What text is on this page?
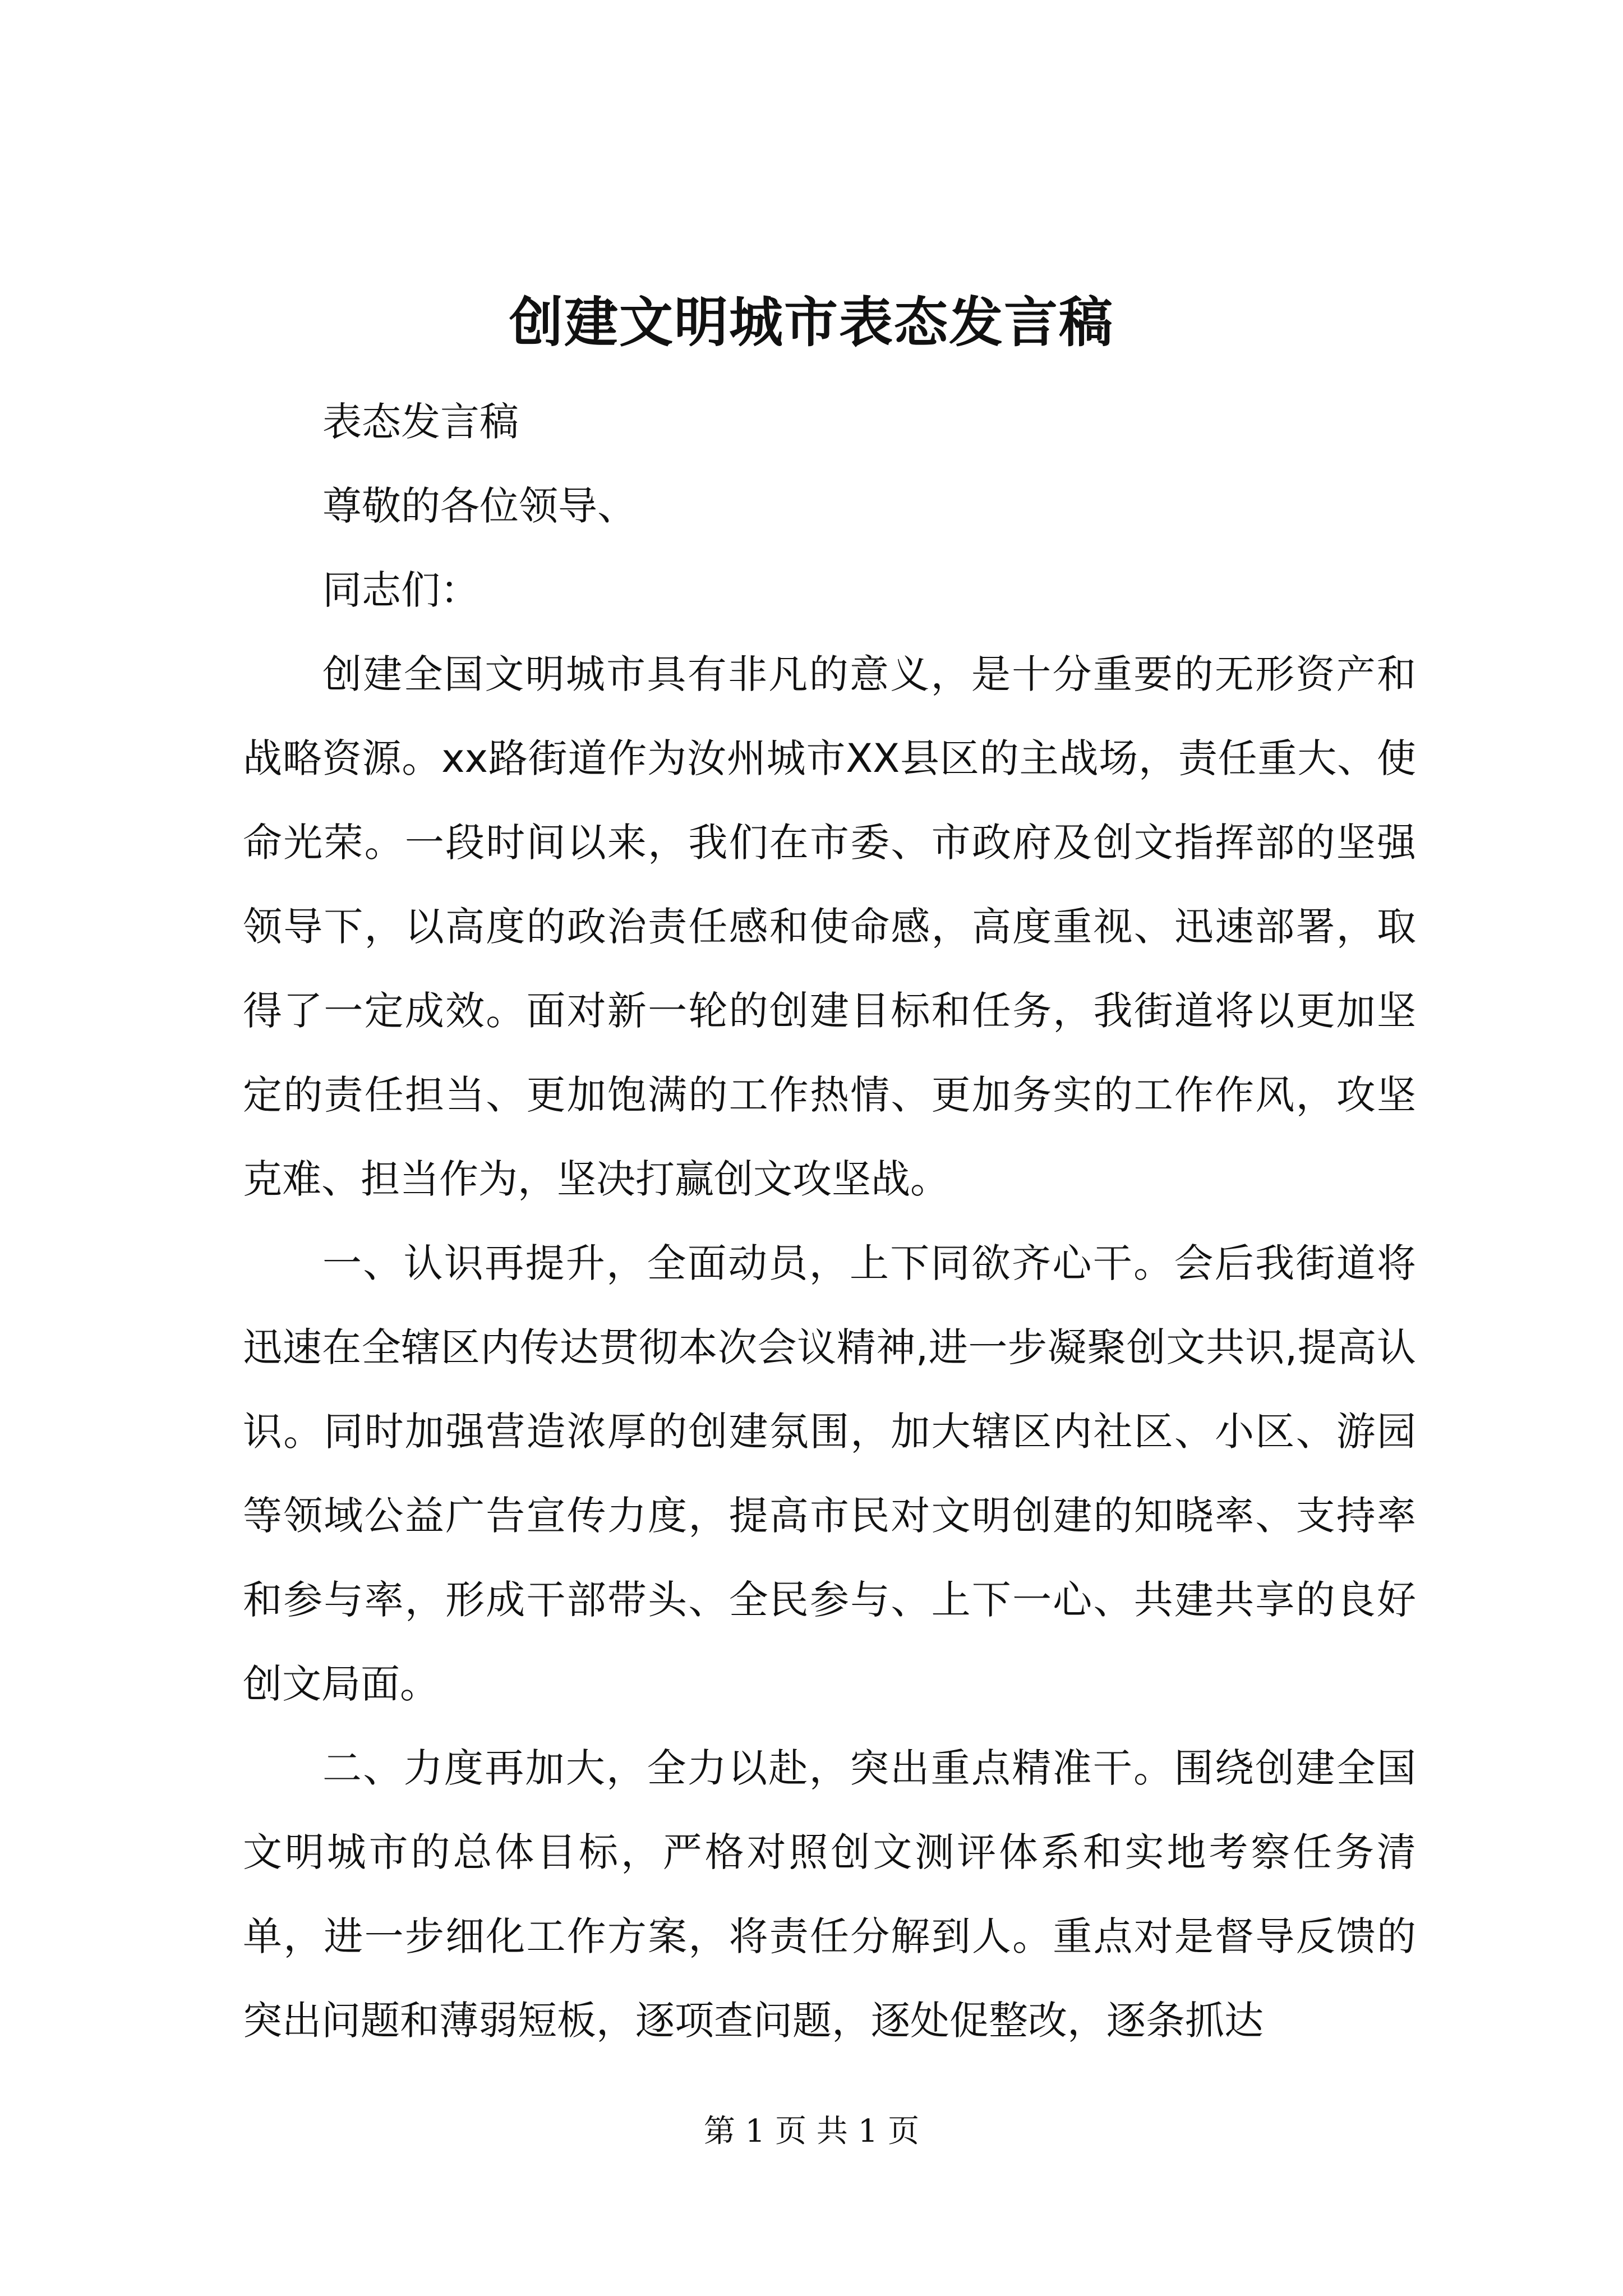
创建文明城市表态发言稿

表态发言稿

尊敬的各位领导、

同志们：

创建全国文明城市具有非凡的意义，是十分重要的无形资产和战略资源。xx路街道作为汝州城市XX县区的主战场，责任重大、使命光荣。一段时间以来，我们在市委、市政府及创文指挥部的坚强领导下，以高度的政治责任感和使命感，高度重视、迅速部署，取得了一定成效。面对新一轮的创建目标和任务，我街道将以更加坚定的责任担当、更加饱满的工作热情、更加务实的工作作风，攻坚克难、担当作为，坚决打赢创文攻坚战。

一、认识再提升，全面动员，上下同欲齐心干。会后我街道将迅速在全辖区内传达贯彻本次会议精神,进一步凝聚创文共识,提高认识。同时加强营造浓厚的创建氛围，加大辖区内社区、小区、游园等领域公益广告宣传力度，提高市民对文明创建的知晓率、支持率和参与率，形成干部带头、全民参与、上下一心、共建共享的良好创文局面。

二、力度再加大，全力以赴，突出重点精准干。围绕创建全国文明城市的总体目标，严格对照创文测评体系和实地考察任务清单，进一步细化工作方案，将责任分解到人。重点对是督导反馈的突出问题和薄弱短板，逐项查问题，逐处促整改，逐条抓达

第 1 页 共 1 页
